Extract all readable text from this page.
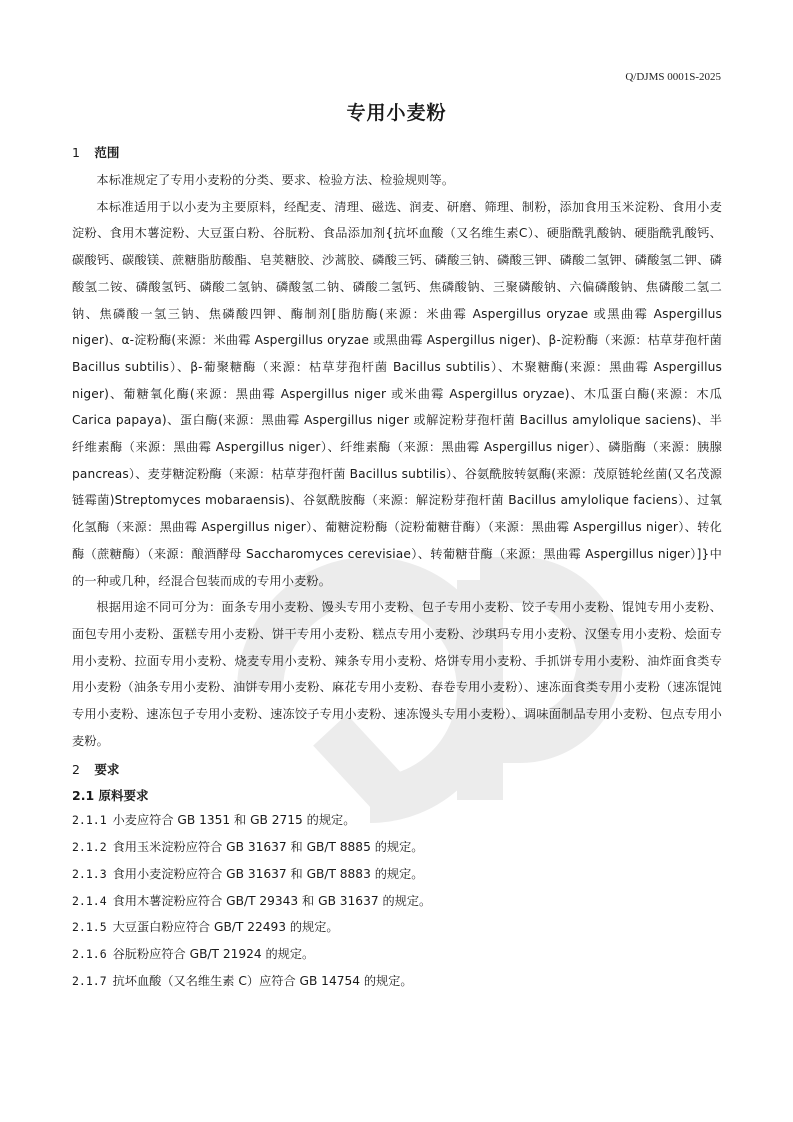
Q/DJMS 0001S-2025
专用小麦粉

1 范围

本标准规定了专用小麦粉的分类、要求、检验方法、检验规则等。

本标准适用于以小麦为主要原料，经配麦、清理、磁选、润麦、研磨、筛理、制粉，添加食用玉米淀粉、食用小麦淀粉、食用木薯淀粉、大豆蛋白粉、谷朊粉、食品添加剂{抗坏血酸（又名维生素C）、硬脂酰乳酸钠、硬脂酰乳酸钙、碳酸钙、碳酸镁、蔗糖脂肪酸酯、皂荚糖胶、沙蒿胶、磷酸三钙、磷酸三钠、磷酸三钾、磷酸二氢钾、磷酸氢二钾、磷酸氢二铵、磷酸氢钙、磷酸二氢钠、磷酸氢二钠、磷酸二氢钙、焦磷酸钠、三聚磷酸钠、六偏磷酸钠、焦磷酸二氢二钠、焦磷酸一氢三钠、焦磷酸四钾、酶制剂[脂肪酶(来源：米曲霉 Aspergillus oryzae 或黑曲霉 Aspergillus niger)、α-淀粉酶(来源：米曲霉 Aspergillus oryzae 或黑曲霉 Aspergillus niger)、β-淀粉酶（来源：枯草芽孢杆菌 Bacillus subtilis）、β-葡聚糖酶（来源：枯草芽孢杆菌 Bacillus subtilis）、木聚糖酶(来源：黑曲霉 Aspergillus niger)、葡糖氧化酶(来源：黑曲霉 Aspergillus niger 或米曲霉 Aspergillus oryzae)、木瓜蛋白酶(来源：木瓜 Carica papaya)、蛋白酶(来源：黑曲霉 Aspergillus niger 或解淀粉芽孢杆菌 Bacillus amylolique saciens)、半纤维素酶（来源：黑曲霉 Aspergillus niger）、纤维素酶（来源：黑曲霉 Aspergillus niger）、磷脂酶（来源：胰腺 pancreas）、麦芽糖淀粉酶（来源：枯草芽孢杆菌 Bacillus subtilis）、谷氨酰胺转氨酶(来源：茂原链轮丝菌(又名茂源链霉菌)Streptomyces mobaraensis)、谷氨酰胺酶（来源：解淀粉芽孢杆菌 Bacillus amylolique faciens）、过氧化氢酶（来源：黑曲霉 Aspergillus niger）、葡糖淀粉酶（淀粉葡糖苷酶）（来源：黑曲霉 Aspergillus niger）、转化酶（蔗糖酶）（来源：酿酒酵母 Saccharomyces cerevisiae）、转葡糖苷酶（来源：黑曲霉 Aspergillus niger）]}中的一种或几种，经混合包装而成的专用小麦粉。

根据用途不同可分为：面条专用小麦粉、馒头专用小麦粉、包子专用小麦粉、饺子专用小麦粉、馄饨专用小麦粉、面包专用小麦粉、蛋糕专用小麦粉、饼干专用小麦粉、糕点专用小麦粉、沙琪玛专用小麦粉、汉堡专用小麦粉、烩面专用小麦粉、拉面专用小麦粉、烧麦专用小麦粉、辣条专用小麦粉、烙饼专用小麦粉、手抓饼专用小麦粉、油炸面食类专用小麦粉（油条专用小麦粉、油饼专用小麦粉、麻花专用小麦粉、春卷专用小麦粉）、速冻面食类专用小麦粉（速冻馄饨专用小麦粉、速冻包子专用小麦粉、速冻饺子专用小麦粉、速冻馒头专用小麦粉）、调味面制品专用小麦粉、包点专用小麦粉。

2 要求

2.1 原料要求

2.1.1 小麦应符合 GB 1351 和 GB 2715 的规定。

2.1.2 食用玉米淀粉应符合 GB 31637 和 GB/T 8885 的规定。

2.1.3 食用小麦淀粉应符合 GB 31637 和 GB/T 8883 的规定。

2.1.4 食用木薯淀粉应符合 GB/T 29343 和 GB 31637 的规定。

2.1.5 大豆蛋白粉应符合 GB/T 22493 的规定。

2.1.6 谷朊粉应符合 GB/T 21924 的规定。

2.1.7 抗坏血酸（又名维生素 C）应符合 GB 14754 的规定。
